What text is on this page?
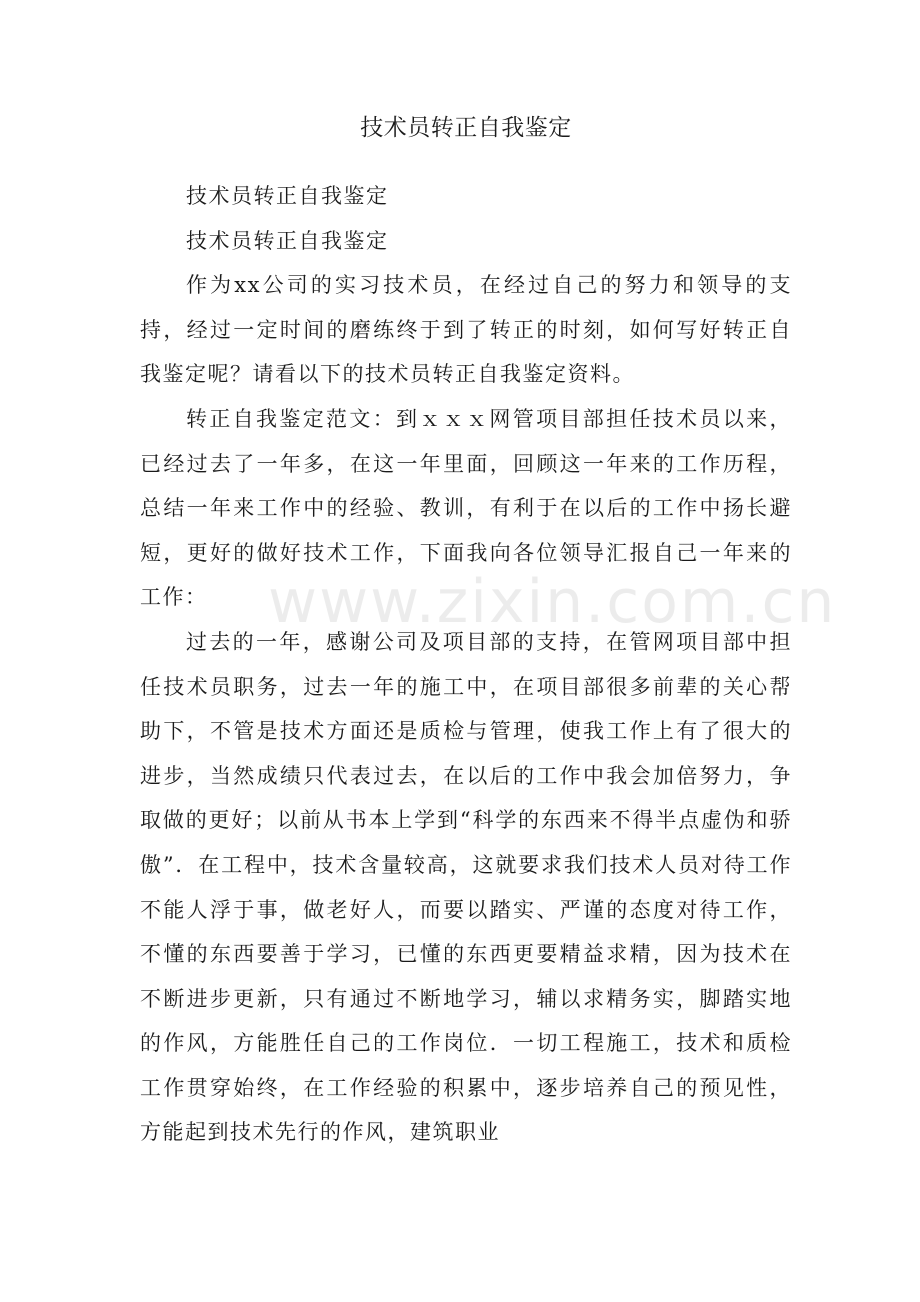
技术员转正自我鉴定

技术员转正自我鉴定

技术员转正自我鉴定

作为xx公司的实习技术员，在经过自己的努力和领导的支持，经过一定时间的磨练终于到了转正的时刻，如何写好转正自我鉴定呢？请看以下的技术员转正自我鉴定资料。

转正自我鉴定范文：到ｘｘｘ网管项目部担任技术员以来，已经过去了一年多，在这一年里面，回顾这一年来的工作历程，总结一年来工作中的经验、教训，有利于在以后的工作中扬长避短，更好的做好技术工作，下面我向各位领导汇报自己一年来的工作：

过去的一年，感谢公司及项目部的支持，在管网项目部中担任技术员职务，过去一年的施工中，在项目部很多前辈的关心帮助下，不管是技术方面还是质检与管理，使我工作上有了很大的进步，当然成绩只代表过去，在以后的工作中我会加倍努力，争取做的更好；以前从书本上学到“科学的东西来不得半点虚伪和骄傲”．在工程中，技术含量较高，这就要求我们技术人员对待工作不能人浮于事，做老好人，而要以踏实、严谨的态度对待工作，不懂的东西要善于学习，已懂的东西更要精益求精，因为技术在不断进步更新，只有通过不断地学习，辅以求精务实，脚踏实地的作风，方能胜任自己的工作岗位．一切工程施工，技术和质检工作贯穿始终，在工作经验的积累中，逐步培养自己的预见性，方能起到技术先行的作风，建筑职业

www.zixin.com.cn
